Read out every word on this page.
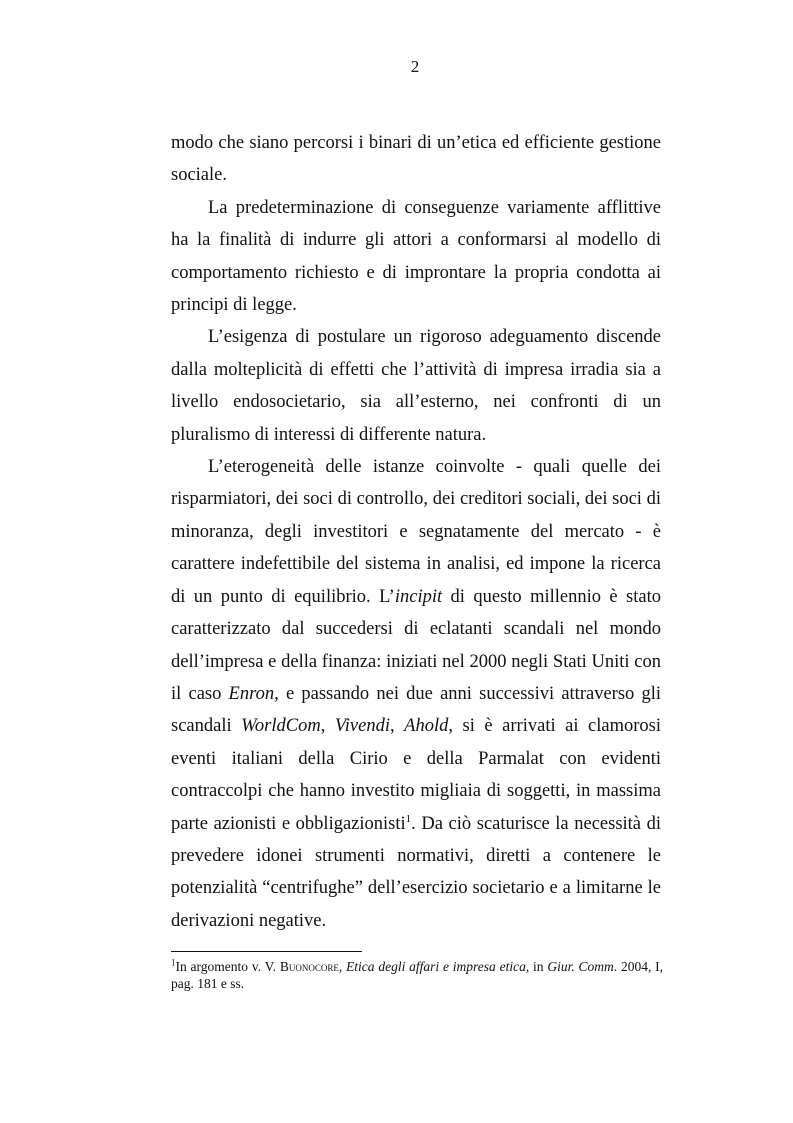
2

modo che siano percorsi i binari di un’etica ed efficiente gestione sociale.

La predeterminazione di conseguenze variamente afflittive ha la finalità di indurre gli attori a conformarsi al modello di comportamento richiesto e di improntare la propria condotta ai principi di legge.

L’esigenza di postulare un rigoroso adeguamento discende dalla molteplicità di effetti che l’attività di impresa irradia sia a livello endosocietario, sia all’esterno, nei confronti di un pluralismo di interessi di differente natura.

L’eterogeneità delle istanze coinvolte - quali quelle dei risparmiatori, dei soci di controllo, dei creditori sociali, dei soci di minoranza, degli investitori e segnatamente del mercato - è carattere indefettibile del sistema in analisi, ed impone la ricerca di un punto di equilibrio. L’incipit di questo millennio è stato caratterizzato dal succedersi di eclatanti scandali nel mondo dell’impresa e della finanza: iniziati nel 2000 negli Stati Uniti con il caso Enron, e passando nei due anni successivi attraverso gli scandali WorldCom, Vivendi, Ahold, si è arrivati ai clamorosi eventi italiani della Cirio e della Parmalat con evidenti contraccolpi che hanno investito migliaia di soggetti, in massima parte azionisti e obbligazionisti$^1$. Da ciò scaturisce la necessità di prevedere idonei strumenti normativi, diretti a contenere le potenzialità “centrifughe” dell’esercizio societario e a limitarne le derivazioni negative.

$^1$In argomento v. V. Buonocore, Etica degli affari e impresa etica, in Giur. Comm. 2004, I, pag. 181 e ss.
